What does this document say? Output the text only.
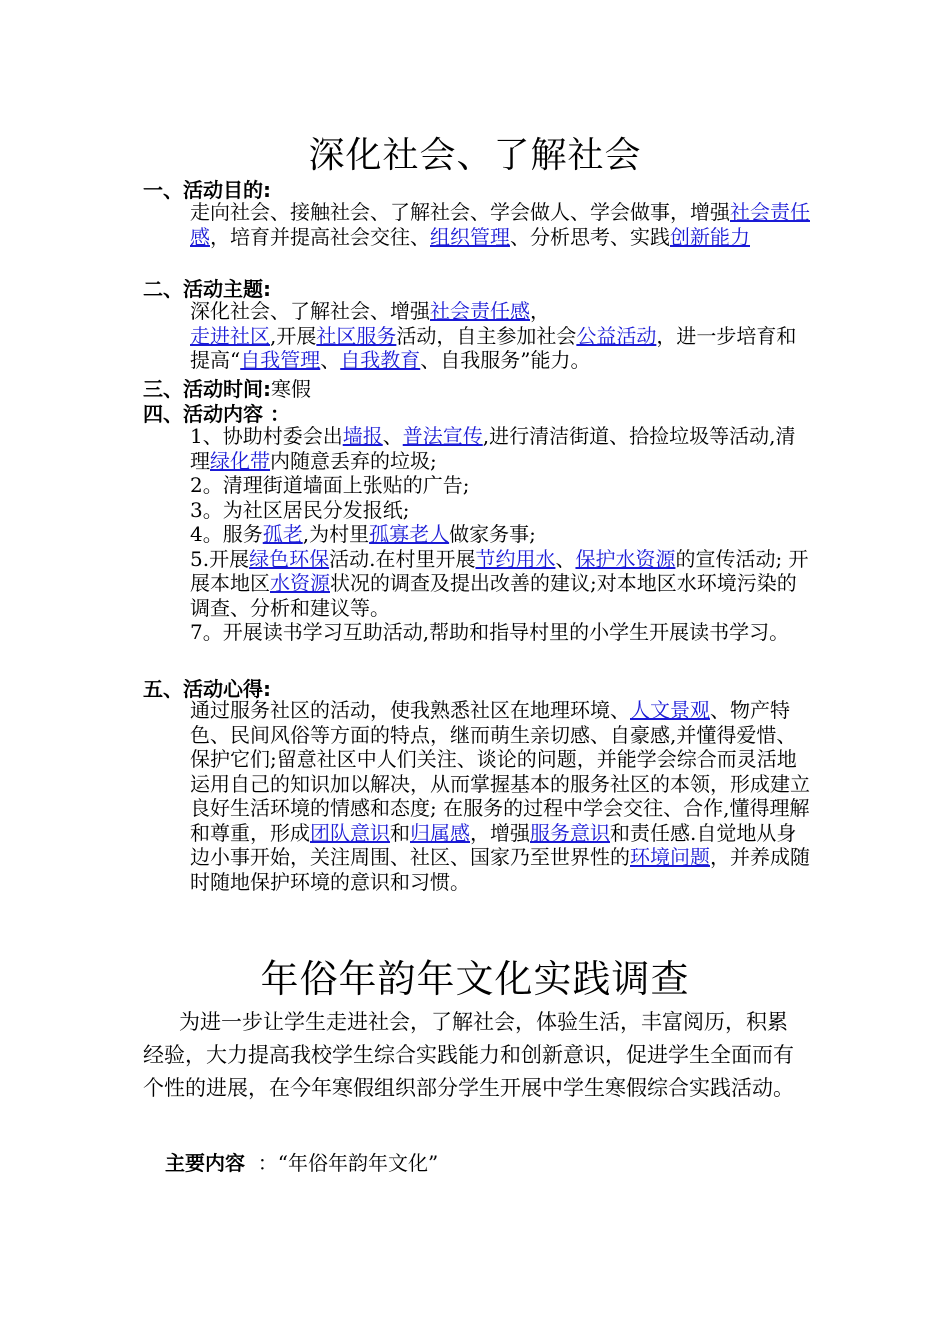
深化社会、了解社会
一、活动目的:

走向社会、接触社会、了解社会、学会做人、学会做事，增强社会责任感，培育并提高社会交往、组织管理、分析思考、实践创新能力

二、活动主题:

深化社会、了解社会、增强社会责任感，

走进社区,开展社区服务活动，自主参加社会公益活动，进一步培育和提高“自我管理、自我教育、自我服务”能力。

三、活动时间:寒假
四、活动内容 ：

1、协助村委会出墙报、普法宣传,进行清洁街道、拾捡垃圾等活动,清理绿化带内随意丢弃的垃圾;

2。清理街道墙面上张贴的广告;

3。为社区居民分发报纸;

4。服务孤老,为村里孤寡老人做家务事;

5.开展绿色环保活动.在村里开展节约用水、保护水资源的宣传活动; 开展本地区水资源状况的调查及提出改善的建议;对本地区水环境污染的调查、分析和建议等。

7。开展读书学习互助活动,帮助和指导村里的小学生开展读书学习。

五、活动心得:

通过服务社区的活动，使我熟悉社区在地理环境、人文景观、物产特色、民间风俗等方面的特点，继而萌生亲切感、自豪感,并懂得爱惜、保护它们;留意社区中人们关注、谈论的问题，并能学会综合而灵活地运用自己的知识加以解决，从而掌握基本的服务社区的本领，形成建立良好生活环境的情感和态度; 在服务的过程中学会交往、合作,懂得理解和尊重，形成团队意识和归属感，增强服务意识和责任感.自觉地从身边小事开始，关注周围、社区、国家乃至世界性的环境问题，并养成随时随地保护环境的意识和习惯。

年俗年韵年文化实践调查
为进一步让学生走进社会，了解社会，体验生活，丰富阅历，积累经验，大力提高我校学生综合实践能力和创新意识，促进学生全面而有个性的进展，在今年寒假组织部分学生开展中学生寒假综合实践活动。
主要内容  ：“年俗年韵年文化”
